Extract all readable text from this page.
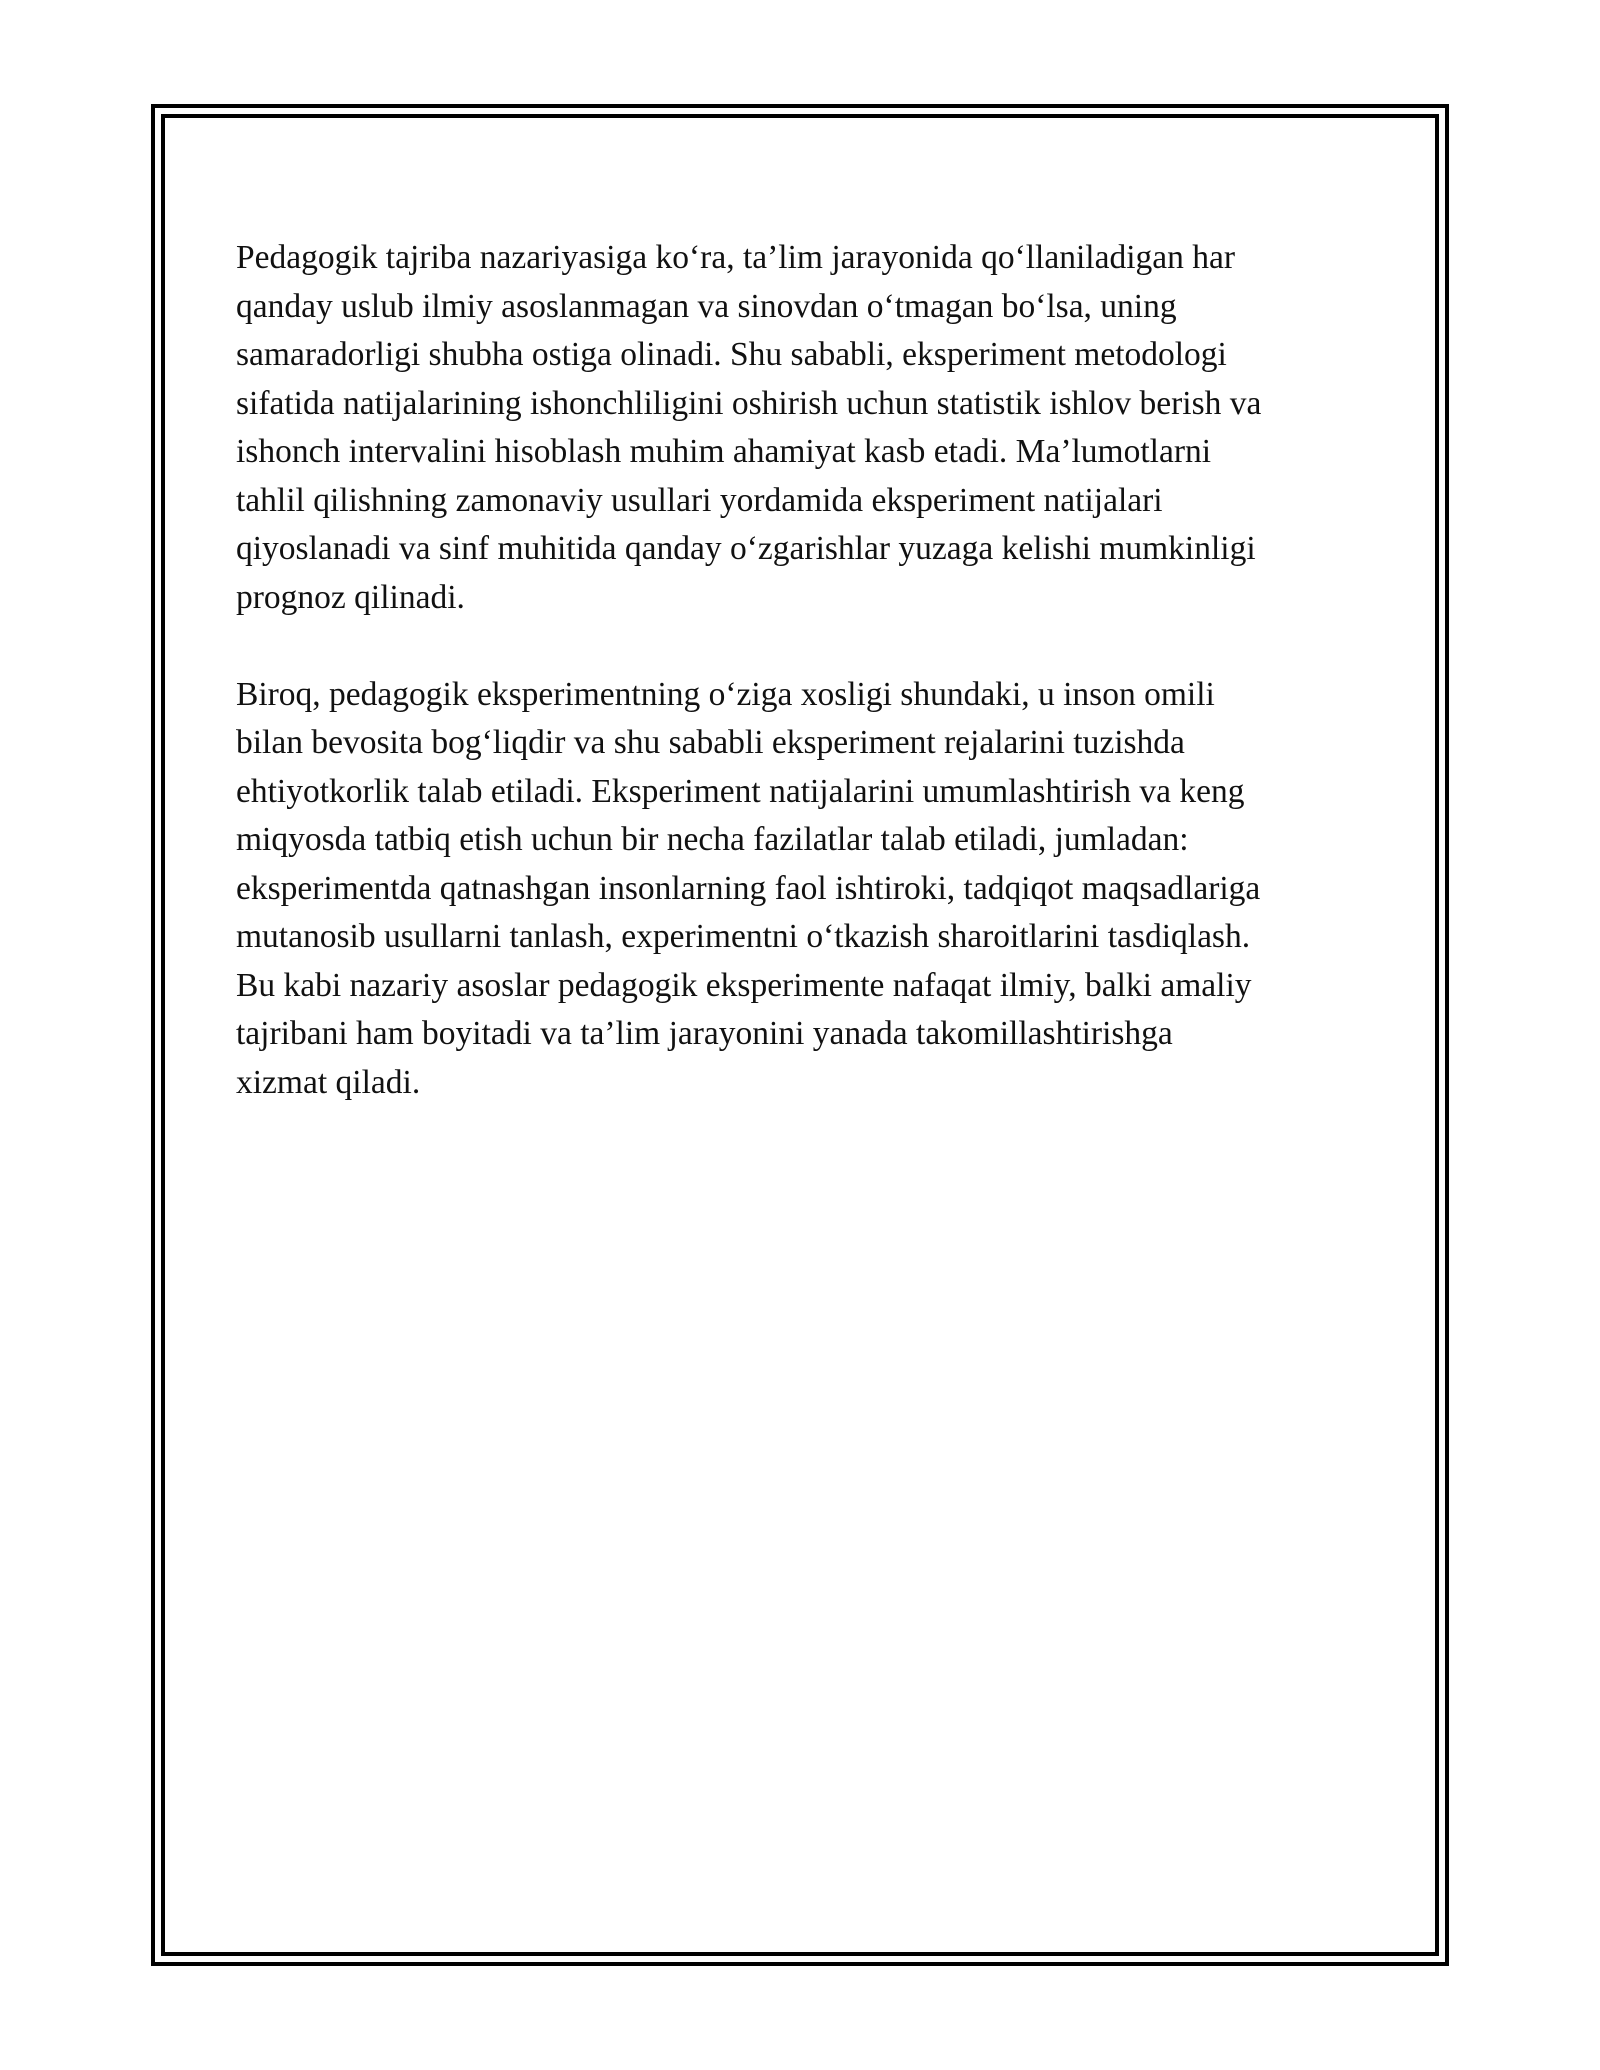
Pedagogik tajriba nazariyasiga ko‘ra, ta’lim jarayonida qo‘llaniladigan har
qanday uslub ilmiy asoslanmagan va sinovdan o‘tmagan bo‘lsa, uning
samaradorligi shubha ostiga olinadi. Shu sababli, eksperiment metodologi
sifatida natijalarining ishonchliligini oshirish uchun statistik ishlov berish va
ishonch intervalini hisoblash muhim ahamiyat kasb etadi. Ma’lumotlarni
tahlil qilishning zamonaviy usullari yordamida eksperiment natijalari
qiyoslanadi va sinf muhitida qanday o‘zgarishlar yuzaga kelishi mumkinligi
prognoz qilinadi.

Biroq, pedagogik eksperimentning o‘ziga xosligi shundaki, u inson omili
bilan bevosita bog‘liqdir va shu sababli eksperiment rejalarini tuzishda
ehtiyotkorlik talab etiladi. Eksperiment natijalarini umumlashtirish va keng
miqyosda tatbiq etish uchun bir necha fazilatlar talab etiladi, jumladan:
eksperimentda qatnashgan insonlarning faol ishtiroki, tadqiqot maqsadlariga
mutanosib usullarni tanlash, experimentni o‘tkazish sharoitlarini tasdiqlash.
Bu kabi nazariy asoslar pedagogik eksperimente nafaqat ilmiy, balki amaliy
tajribani ham boyitadi va ta’lim jarayonini yanada takomillashtirishga
xizmat qiladi.
